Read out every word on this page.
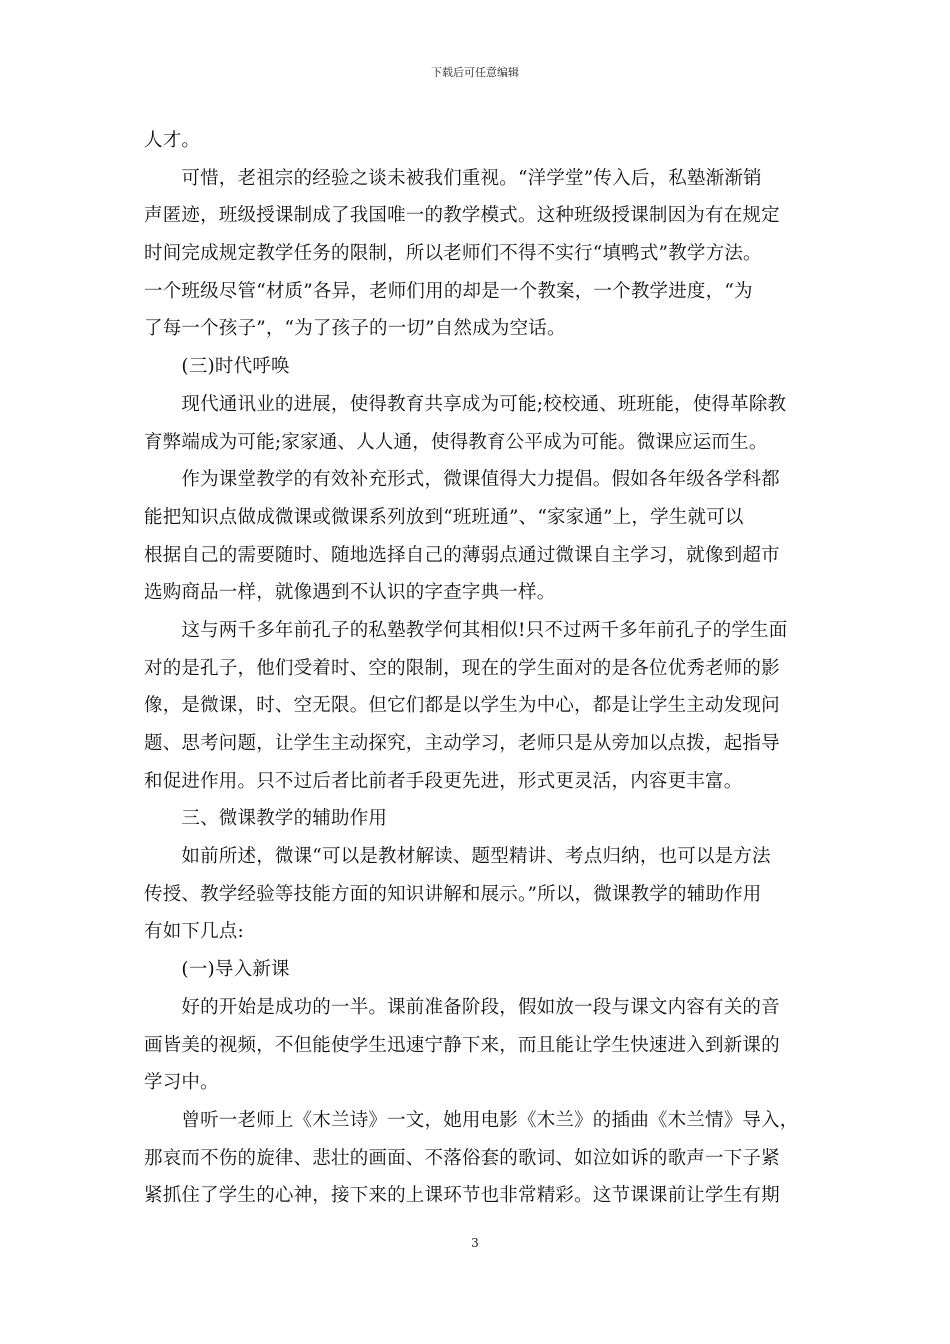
下载后可任意编辑
人才。
　　可惜，老祖宗的经验之谈未被我们重视。“洋学堂”传入后，私塾渐渐销
声匿迹，班级授课制成了我国唯一的教学模式。这种班级授课制因为有在规定
时间完成规定教学任务的限制，所以老师们不得不实行“填鸭式”教学方法。
一个班级尽管“材质”各异，老师们用的却是一个教案，一个教学进度，“为
了每一个孩子”，“为了孩子的一切”自然成为空话。
　　(三)时代呼唤
　　现代通讯业的进展，使得教育共享成为可能;校校通、班班能，使得革除教
育弊端成为可能;家家通、人人通，使得教育公平成为可能。微课应运而生。
　　作为课堂教学的有效补充形式，微课值得大力提倡。假如各年级各学科都
能把知识点做成微课或微课系列放到“班班通”、“家家通”上，学生就可以
根据自己的需要随时、随地选择自己的薄弱点通过微课自主学习，就像到超市
选购商品一样，就像遇到不认识的字查字典一样。
　　这与两千多年前孔子的私塾教学何其相似!只不过两千多年前孔子的学生面
对的是孔子，他们受着时、空的限制，现在的学生面对的是各位优秀老师的影
像，是微课，时、空无限。但它们都是以学生为中心，都是让学生主动发现问
题、思考问题，让学生主动探究，主动学习，老师只是从旁加以点拨，起指导
和促进作用。只不过后者比前者手段更先进，形式更灵活，内容更丰富。
　　三、微课教学的辅助作用
　　如前所述，微课“可以是教材解读、题型精讲、考点归纳，也可以是方法
传授、教学经验等技能方面的知识讲解和展示。”所以，微课教学的辅助作用
有如下几点:
　　(一)导入新课
　　好的开始是成功的一半。课前准备阶段，假如放一段与课文内容有关的音
画皆美的视频，不但能使学生迅速宁静下来，而且能让学生快速进入到新课的
学习中。
　　曾听一老师上《木兰诗》一文，她用电影《木兰》的插曲《木兰情》导入，
那哀而不伤的旋律、悲壮的画面、不落俗套的歌词、如泣如诉的歌声一下子紧
紧抓住了学生的心神，接下来的上课环节也非常精彩。这节课课前让学生有期
3
